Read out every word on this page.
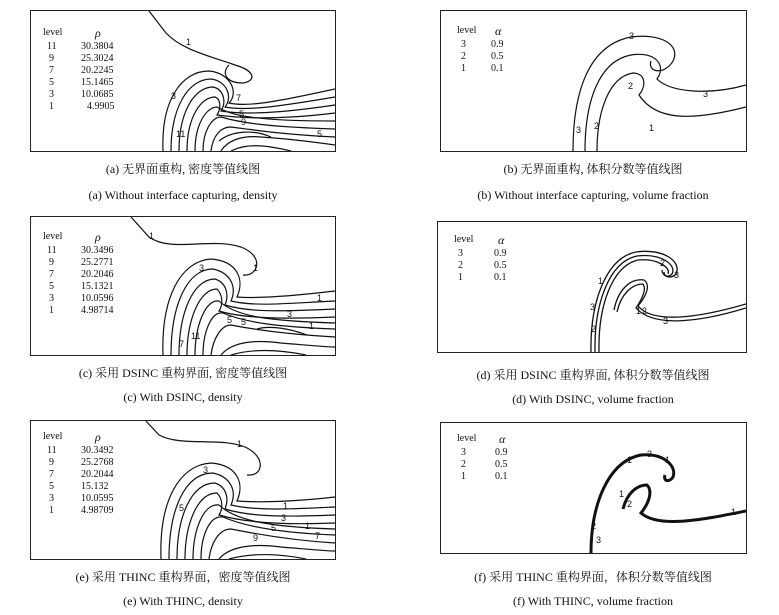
1
3	7
5
9
11	5
level	ρ
11	30.3804
9	25.3024
7	20.2245
5	15.1465
3	10.0685
1	4.9905
(a) 无界面重构, 密度等值线图
(a) Without interface capturing, density
3
2
3
3 2	1
level	α
3	0.9
2	0.5
1	0.1
(b) 无界面重构, 体积分数等值线图
(b) Without interface capturing, volume fraction
1
3	1
1
5
3
5	1
7
11
level	ρ
11	30.3496
9	25.2771
7	20.2046
5	15.1321
3	10.0596
1	4.98714
(c) 采用 DSINC 重构界面, 密度等值线图
(c) With DSINC, density
2
3
1
3	1 2
3
2
level	α
3	0.9
2	0.5
1	0.1
(d) 采用 DSINC 重构界面, 体积分数等值线图
(d) With DSINC, volume fraction
1
3
5	1
3
5	1
9	7
level	ρ
11	30.3492
9	25.2768
7	20.2044
5	15.132
3	10.0595
1	4.98709
(e) 采用 THINC 重构界面，密度等值线图
(e) With THINC, density
1
3
1
1
2
1
2
3
level	α
3	0.9
2	0.5
1	0.1
(f) 采用 THINC 重构界面，体积分数等值线图
(f) With THINC, volume fraction
